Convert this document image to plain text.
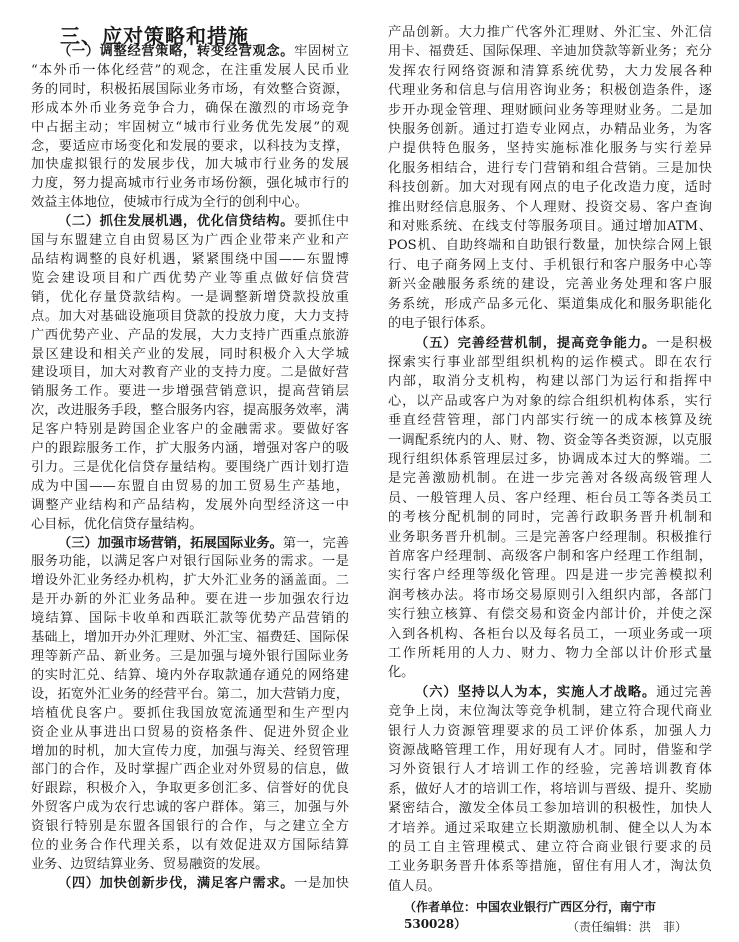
三、应对策略和措施
（一）调整经营策略，转变经营观念。牢固树立
“本外币一体化经营”的观念，在注重发展人民币业
务的同时，积极拓展国际业务市场，有效整合资源，
形成本外币业务竞争合力，确保在激烈的市场竞争
中占据主动；牢固树立“城市行业务优先发展”的观
念，要适应市场变化和发展的要求，以科技为支撑，
加快虚拟银行的发展步伐，加大城市行业务的发展
力度，努力提高城市行业务市场份额，强化城市行的
效益主体地位，使城市行成为全行的创利中心。
（二）抓住发展机遇，优化信贷结构。要抓住中
国与东盟建立自由贸易区为广西企业带来产业和产
品结构调整的良好机遇，紧紧围绕中国——东盟博
览会建设项目和广西优势产业等重点做好信贷营
销，优化存量贷款结构。一是调整新增贷款投放重
点。加大对基础设施项目贷款的投放力度，大力支持
广西优势产业、产品的发展，大力支持广西重点旅游
景区建设和相关产业的发展，同时积极介入大学城
建设项目，加大对教育产业的支持力度。二是做好营
销服务工作。要进一步增强营销意识，提高营销层
次，改进服务手段，整合服务内容，提高服务效率，满
足客户特别是跨国企业客户的金融需求。要做好客
户的跟踪服务工作，扩大服务内涵，增强对客户的吸
引力。三是优化信贷存量结构。要围绕广西计划打造
成为中国——东盟自由贸易的加工贸易生产基地，
调整产业结构和产品结构，发展外向型经济这一中
心目标，优化信贷存量结构。
（三）加强市场营销，拓展国际业务。第一，完善
服务功能，以满足客户对银行国际业务的需求。一是
增设外汇业务经办机构，扩大外汇业务的涵盖面。二
是开办新的外汇业务品种。要在进一步加强农行边
境结算、国际卡收单和西联汇款等优势产品营销的
基础上，增加开办外汇理财、外汇宝、福费廷、国际保
理等新产品、新业务。三是加强与境外银行国际业务
的实时汇兑、结算、境内外存取款通存通兑的网络建
设，拓宽外汇业务的经营平台。第二，加大营销力度，
培植优良客户。要抓住我国放宽流通型和生产型内
资企业从事进出口贸易的资格条件、促进外贸企业
增加的时机，加大宣传力度，加强与海关、经贸管理
部门的合作，及时掌握广西企业对外贸易的信息，做
好跟踪，积极介入，争取更多创汇多、信誉好的优良
外贸客户成为农行忠诚的客户群体。第三，加强与外
资银行特别是东盟各国银行的合作，与之建立全方
位的业务合作代理关系，以有效促进双方国际结算
业务、边贸结算业务、贸易融资的发展。
（四）加快创新步伐，满足客户需求。一是加快
产品创新。大力推广代客外汇理财、外汇宝、外汇信
用卡、福费廷、国际保理、辛迪加贷款等新业务；充分
发挥农行网络资源和清算系统优势，大力发展各种
代理业务和信息与信用咨询业务；积极创造条件，逐
步开办现金管理、理财顾问业务等理财业务。二是加
快服务创新。通过打造专业网点，办精品业务，为客
户提供特色服务，坚持实施标准化服务与实行差异
化服务相结合，进行专门营销和组合营销。三是加快
科技创新。加大对现有网点的电子化改造力度，适时
推出财经信息服务、个人理财、投资交易、客户查询
和对账系统、在线支付等服务项目。通过增加ATM、
POS机、自助终端和自助银行数量，加快综合网上银
行、电子商务网上支付、手机银行和客户服务中心等
新兴金融服务系统的建设，完善业务处理和客户服
务系统，形成产品多元化、渠道集成化和服务职能化
的电子银行体系。
（五）完善经营机制，提高竞争能力。一是积极
探索实行事业部型组织机构的运作模式。即在农行
内部，取消分支机构，构建以部门为运行和指挥中
心，以产品或客户为对象的综合组织机构体系，实行
垂直经营管理，部门内部实行统一的成本核算及统
一调配系统内的人、财、物、资金等各类资源，以克服
现行组织体系管理层过多，协调成本过大的弊端。二
是完善激励机制。在进一步完善对各级高级管理人
员、一般管理人员、客户经理、柜台员工等各类员工
的考核分配机制的同时，完善行政职务晋升机制和
业务职务晋升机制。三是完善客户经理制。积极推行
首席客户经理制、高级客户制和客户经理工作组制，
实行客户经理等级化管理。四是进一步完善模拟利
润考核办法。将市场交易原则引入组织内部，各部门
实行独立核算、有偿交易和资金内部计价，并使之深
入到各机构、各柜台以及每名员工，一项业务或一项
工作所耗用的人力、财力、物力全部以计价形式量
化。
（六）坚持以人为本，实施人才战略。通过完善
竞争上岗，末位淘汰等竞争机制，建立符合现代商业
银行人力资源管理要求的员工评价体系，加强人力
资源战略管理工作，用好现有人才。同时，借鉴和学
习外资银行人才培训工作的经验，完善培训教育体
系，做好人才的培训工作，将培训与晋级、提升、奖励
紧密结合，激发全体员工参加培训的积极性，加快人
才培养。通过采取建立长期激励机制、健全以人为本
的员工自主管理模式、建立符合商业银行要求的员
工业务职务晋升体系等措施，留住有用人才，淘汰负
值人员。
（作者单位：中国农业银行广西区分行，南宁市　530028）	（责任编辑：洪　菲）
